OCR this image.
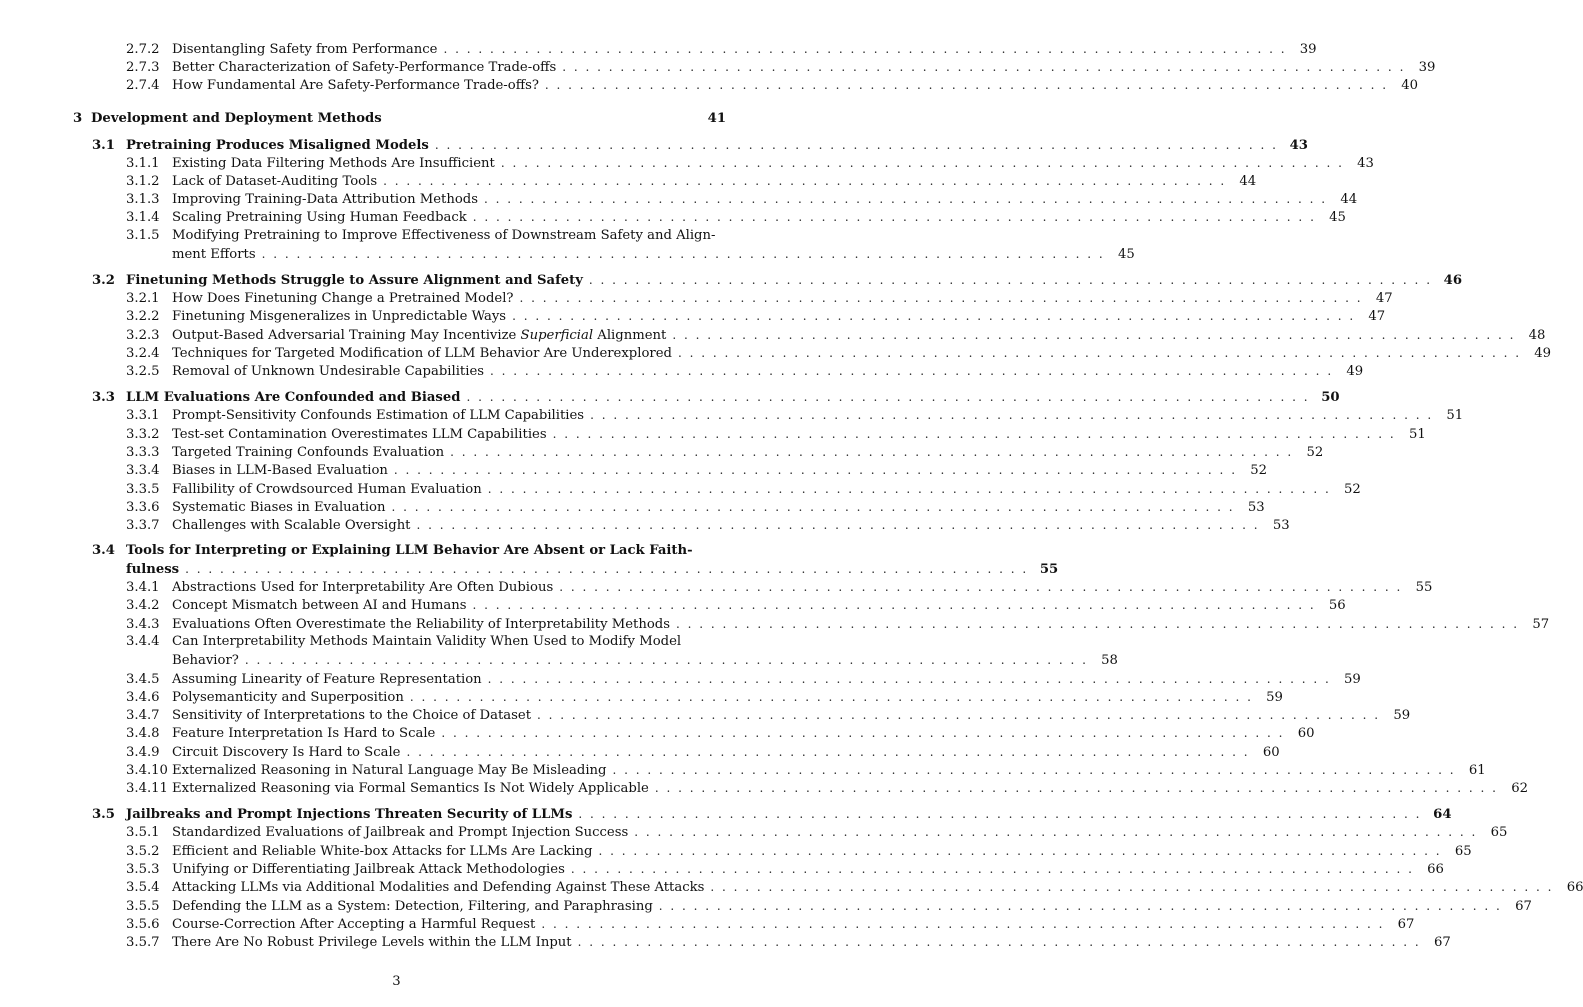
2.7.2 Disentangling Safety from Performance . . .	39
2.7.3 Better Characterization of Safety-Performance Trade-offs . . .	39
2.7.4 How Fundamental Are Safety-Performance Trade-offs? . . .	40
3 Development and Deployment Methods	41
3.1 Pretraining Produces Misaligned Models . . .	43
3.1.1 Existing Data Filtering Methods Are Insufficient . . .	43
3.1.2 Lack of Dataset-Auditing Tools . . .	44
3.1.3 Improving Training-Data Attribution Methods . . .	44
3.1.4 Scaling Pretraining Using Human Feedback . . .	45
3.1.5 Modifying Pretraining to Improve Effectiveness of Downstream Safety and Align-
ment Efforts . . .	45
3.2 Finetuning Methods Struggle to Assure Alignment and Safety . . .	46
3.2.1 How Does Finetuning Change a Pretrained Model? . . .	47
3.2.2 Finetuning Misgeneralizes in Unpredictable Ways . . .	47
3.2.3 Output-Based Adversarial Training May Incentivize Superficial Alignment . . .	48
3.2.4 Techniques for Targeted Modification of LLM Behavior Are Underexplored . . .	49
3.2.5 Removal of Unknown Undesirable Capabilities . . .	49
3.3 LLM Evaluations Are Confounded and Biased . . .	50
3.3.1 Prompt-Sensitivity Confounds Estimation of LLM Capabilities . . .	51
3.3.2 Test-set Contamination Overestimates LLM Capabilities . . .	51
3.3.3 Targeted Training Confounds Evaluation . . .	52
3.3.4 Biases in LLM-Based Evaluation . . .	52
3.3.5 Fallibility of Crowdsourced Human Evaluation . . .	52
3.3.6 Systematic Biases in Evaluation . . .	53
3.3.7 Challenges with Scalable Oversight . . .	53
3.4 Tools for Interpreting or Explaining LLM Behavior Are Absent or Lack Faith-
fulness . . .	55
3.4.1 Abstractions Used for Interpretability Are Often Dubious . . .	55
3.4.2 Concept Mismatch between AI and Humans . . .	56
3.4.3 Evaluations Often Overestimate the Reliability of Interpretability Methods . . .	57
3.4.4 Can Interpretability Methods Maintain Validity When Used to Modify Model
Behavior? . . .	58
3.4.5 Assuming Linearity of Feature Representation . . .	59
3.4.6 Polysemanticity and Superposition . . .	59
3.4.7 Sensitivity of Interpretations to the Choice of Dataset . . .	59
3.4.8 Feature Interpretation Is Hard to Scale . . .	60
3.4.9 Circuit Discovery Is Hard to Scale . . .	60
3.4.10 Externalized Reasoning in Natural Language May Be Misleading . . .	61
3.4.11 Externalized Reasoning via Formal Semantics Is Not Widely Applicable . . .	62
3.5 Jailbreaks and Prompt Injections Threaten Security of LLMs . . .	64
3.5.1 Standardized Evaluations of Jailbreak and Prompt Injection Success . . .	65
3.5.2 Efficient and Reliable White-box Attacks for LLMs Are Lacking . . .	65
3.5.3 Unifying or Differentiating Jailbreak Attack Methodologies . . .	66
3.5.4 Attacking LLMs via Additional Modalities and Defending Against These Attacks . . .	66
3.5.5 Defending the LLM as a System: Detection, Filtering, and Paraphrasing . . .	67
3.5.6 Course-Correction After Accepting a Harmful Request . . .	67
3.5.7 There Are No Robust Privilege Levels within the LLM Input . . .	67
3
